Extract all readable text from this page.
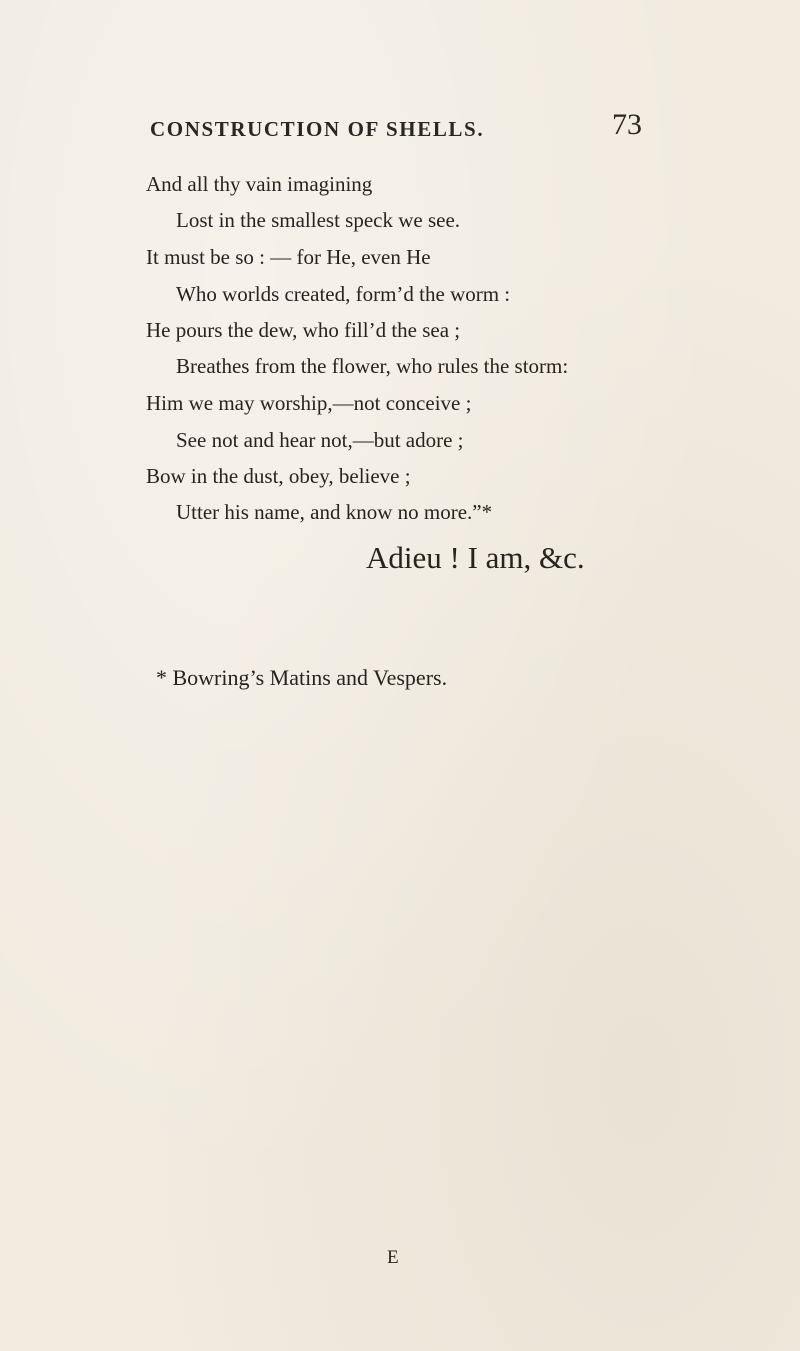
CONSTRUCTION OF SHELLS.	73
And all thy vain imagining
Lost in the smallest speck we see.
It must be so : — for He, even He
Who worlds created, form’d the worm :
He pours the dew, who fill’d the sea ;
Breathes from the flower, who rules the storm:
Him we may worship,—not conceive ;
See not and hear not,—but adore ;
Bow in the dust, obey, believe ;
Utter his name, and know no more.”*
Adieu ! I am, &c.
* Bowring’s Matins and Vespers.
E
